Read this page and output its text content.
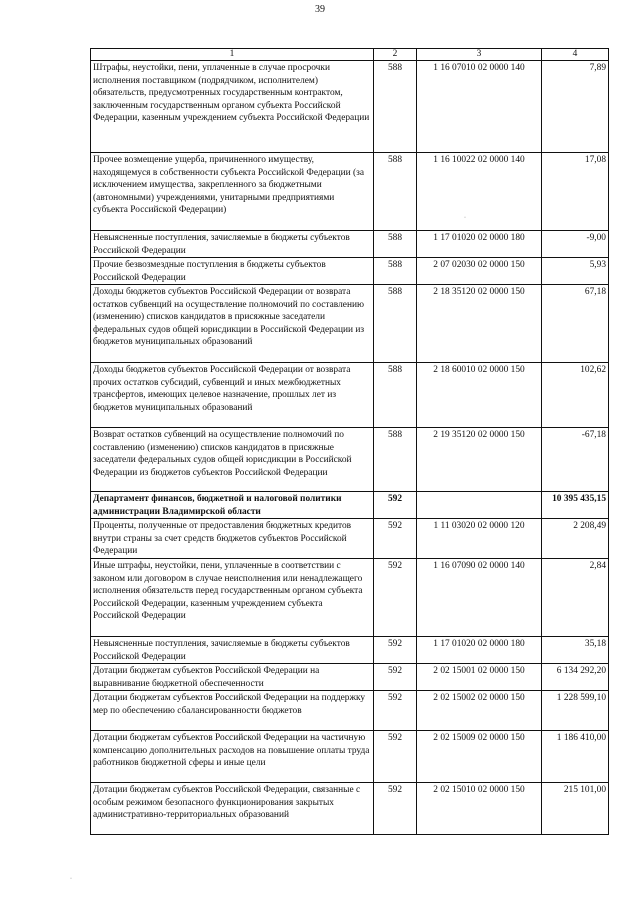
39
1	2	3	4
Штрафы, неустойки, пени, уплаченные в случае просрочки исполнения поставщиком (подрядчиком, исполнителем) обязательств, предусмотренных государственным контрактом, заключенным государственным органом субъекта Российской Федерации, казенным учреждением субъекта Российской Федерации	588	1 16 07010 02 0000 140	7,89
Прочее возмещение ущерба, причиненного имуществу, находящемуся в собственности субъекта Российской Федерации (за исключением имущества, закрепленного за бюджетными (автономными) учреждениями, унитарными предприятиями субъекта Российской Федерации)	588	1 16 10022 02 0000 140	17,08
Невыясненные поступления, зачисляемые в бюджеты субъектов Российской Федерации	588	1 17 01020 02 0000 180	-9,00
Прочие безвозмездные поступления в бюджеты субъектов Российской Федерации	588	2 07 02030 02 0000 150	5,93
Доходы бюджетов субъектов Российской Федерации от возврата остатков субвенций на осуществление полномочий по составлению (изменению) списков кандидатов в присяжные заседатели федеральных судов общей юрисдикции в Российской Федерации из бюджетов муниципальных образований	588	2 18 35120 02 0000 150	67,18
Доходы бюджетов субъектов Российской Федерации от возврата прочих остатков субсидий, субвенций и иных межбюджетных трансфертов, имеющих целевое назначение, прошлых лет из бюджетов муниципальных образований	588	2 18 60010 02 0000 150	102,62
Возврат остатков субвенций на осуществление полномочий по составлению (изменению) списков кандидатов в присяжные заседатели федеральных судов общей юрисдикции в Российской Федерации из бюджетов субъектов Российской Федерации	588	2 19 35120 02 0000 150	-67,18
Департамент финансов, бюджетной и налоговой политики администрации Владимирской области	592		10 395 435,15
Проценты, полученные от предоставления бюджетных кредитов внутри страны за счет средств бюджетов субъектов Российской Федерации	592	1 11 03020 02 0000 120	2 208,49
Иные штрафы, неустойки, пени, уплаченные в соответствии с законом или договором в случае неисполнения или ненадлежащего исполнения обязательств перед государственным органом субъекта Российской Федерации, казенным учреждением субъекта Российской Федерации	592	1 16 07090 02 0000 140	2,84
Невыясненные поступления, зачисляемые в бюджеты субъектов Российской Федерации	592	1 17 01020 02 0000 180	35,18
Дотации бюджетам субъектов Российской Федерации на выравнивание бюджетной обеспеченности	592	2 02 15001 02 0000 150	6 134 292,20
Дотации бюджетам субъектов Российской Федерации на поддержку мер по обеспечению сбалансированности бюджетов	592	2 02 15002 02 0000 150	1 228 599,10
Дотации бюджетам субъектов Российской Федерации на частичную компенсацию дополнительных расходов на повышение оплаты труда работников бюджетной сферы и иные цели	592	2 02 15009 02 0000 150	1 186 410,00
Дотации бюджетам субъектов Российской Федерации, связанные с особым режимом безопасного функционирования закрытых административно-территориальных образований	592	2 02 15010 02 0000 150	215 101,00
·
·
